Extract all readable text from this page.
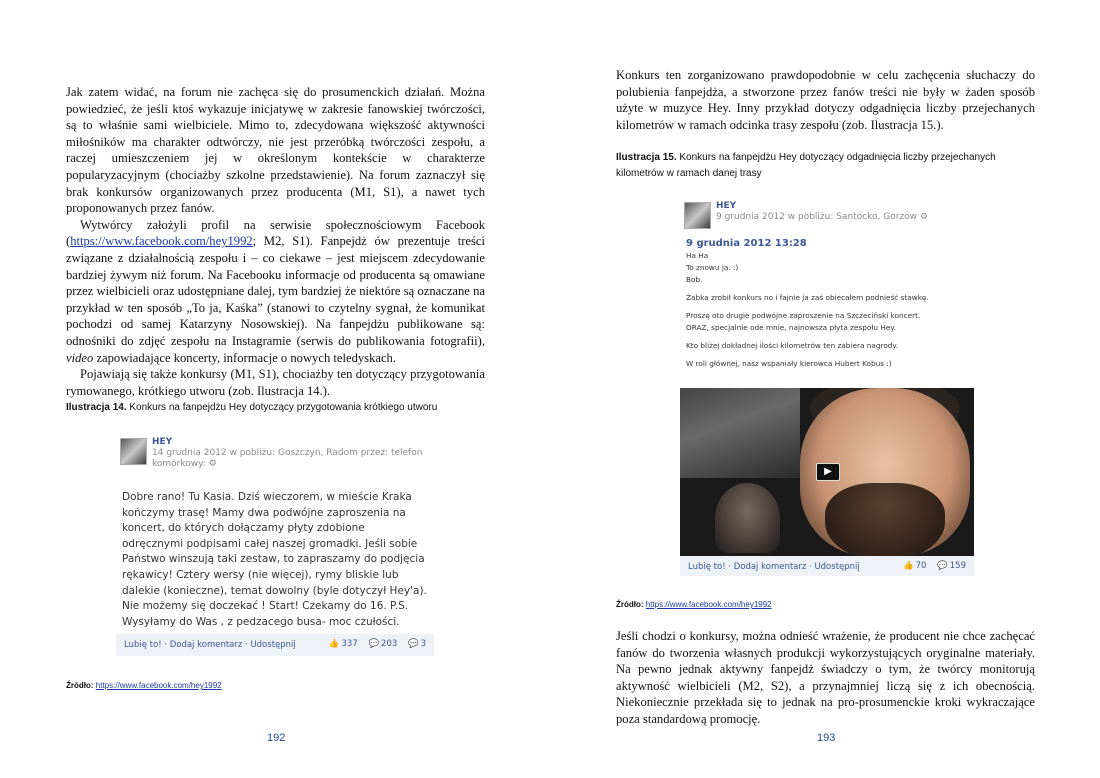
Jak zatem widać, na forum nie zachęca się do prosumenckich działań. Można powiedzieć, że jeśli ktoś wykazuje inicjatywę w zakresie fanowskiej twórczości, są to właśnie sami wielbiciele. Mimo to, zdecydowana większość aktywności miłośników ma charakter odtwórczy, nie jest przeróbką twórczości zespołu, a raczej umieszczeniem jej w określonym kontekście w charakterze popularyzacyjnym (chociażby szkolne przedstawienie). Na forum zaznaczył się brak konkursów organizowanych przez producenta (M1, S1), a nawet tych proponowanych przez fanów.

Wytwórcy założyli profil na serwisie społecznościowym Facebook (https://www.facebook.com/hey1992; M2, S1). Fanpejdż ów prezentuje treści związane z działalnością zespołu i – co ciekawe – jest miejscem zdecydowanie bardziej żywym niż forum. Na Facebooku informacje od producenta są omawiane przez wielbicieli oraz udostępniane dalej, tym bardziej że niektóre są oznaczane na przykład w ten sposób „To ja, Kaśka” (stanowi to czytelny sygnał, że komunikat pochodzi od samej Katarzyny Nosowskiej). Na fanpejdżu publikowane są: odnośniki do zdjęć zespołu na Instagramie (serwis do publikowania fotografii), video zapowiadające koncerty, informacje o nowych teledyskach.

Pojawiają się także konkursy (M1, S1), chociażby ten dotyczący przygotowania rymowanego, krótkiego utworu (zob. Ilustracja 14.).

Ilustracja 14. Konkurs na fanpejdżu Hey dotyczący przygotowania krótkiego utworu
HEY
14 grudnia 2012 w pobliżu: Goszczyn, Radom przez: telefon
komórkowy: ⚙
Dobre rano! Tu Kasia. Dziś wieczorem, w mieście Kraka kończymy trasę! Mamy dwa podwójne zaproszenia na koncert, do których dołączamy płyty zdobione odręcznymi podpisami całej naszej gromadki. Jeśli sobie Państwo winszują taki zestaw, to zapraszamy do podjęcia rękawicy! Cztery wersy (nie więcej), rymy bliskie lub dalekie (konieczne), temat dowolny (byle dotyczył Hey'a). Nie możemy się doczekać ! Start! Czekamy do 16. P.S. Wysyłamy do Was , z pedzacego busa- moc czułości.
Lubię to! · Dodaj komentarz · Udostępnij	👍 337 💬 203 💬 3
Źródło: https://www.facebook.com/hey1992
192

Konkurs ten zorganizowano prawdopodobnie w celu zachęcenia słuchaczy do polubienia fanpejdża, a stworzone przez fanów treści nie były w żaden sposób użyte w muzyce Hey. Inny przykład dotyczy odgadnięcia liczby przejechanych kilometrów w ramach odcinka trasy zespołu (zob. Ilustracja 15.).

Ilustracja 15. Konkurs na fanpejdżu Hey dotyczący odgadnięcia liczby przejechanych kilometrów w ramach danej trasy
HEY
9 grudnia 2012 w pobliżu: Santocko, Gorzow ⚙
9 grudnia 2012 13:28
Ha Ha
To znowu ja. :)
Bob.
Żabka zrobił konkurs no i fajnie ja zaś obiecałem podnieść stawkę.
Proszę oto drugie podwójne zaproszenie na Szczeciński koncert.
ORAZ, specjalnie ode mnie, najnowsza płyta zespołu Hey.
Kto bliżej dokładnej ilości kilometrów ten zabiera nagrody.
W roli głównej, nasz wspaniały kierowca Hubert Kobus :)
▶
Lubię to! · Dodaj komentarz · Udostępnij	👍 70 💬 159
Źródło: https://www.facebook.com/hey1992

Jeśli chodzi o konkursy, można odnieść wrażenie, że producent nie chce zachęcać fanów do tworzenia własnych produkcji wykorzystujących oryginalne materiały. Na pewno jednak aktywny fanpejdż świadczy o tym, że twórcy monitorują aktywność wielbicieli (M2, S2), a przynajmniej liczą się z ich obecnością. Niekoniecznie przekłada się to jednak na pro-prosumenckie kroki wykraczające poza standardową promocję.

193
